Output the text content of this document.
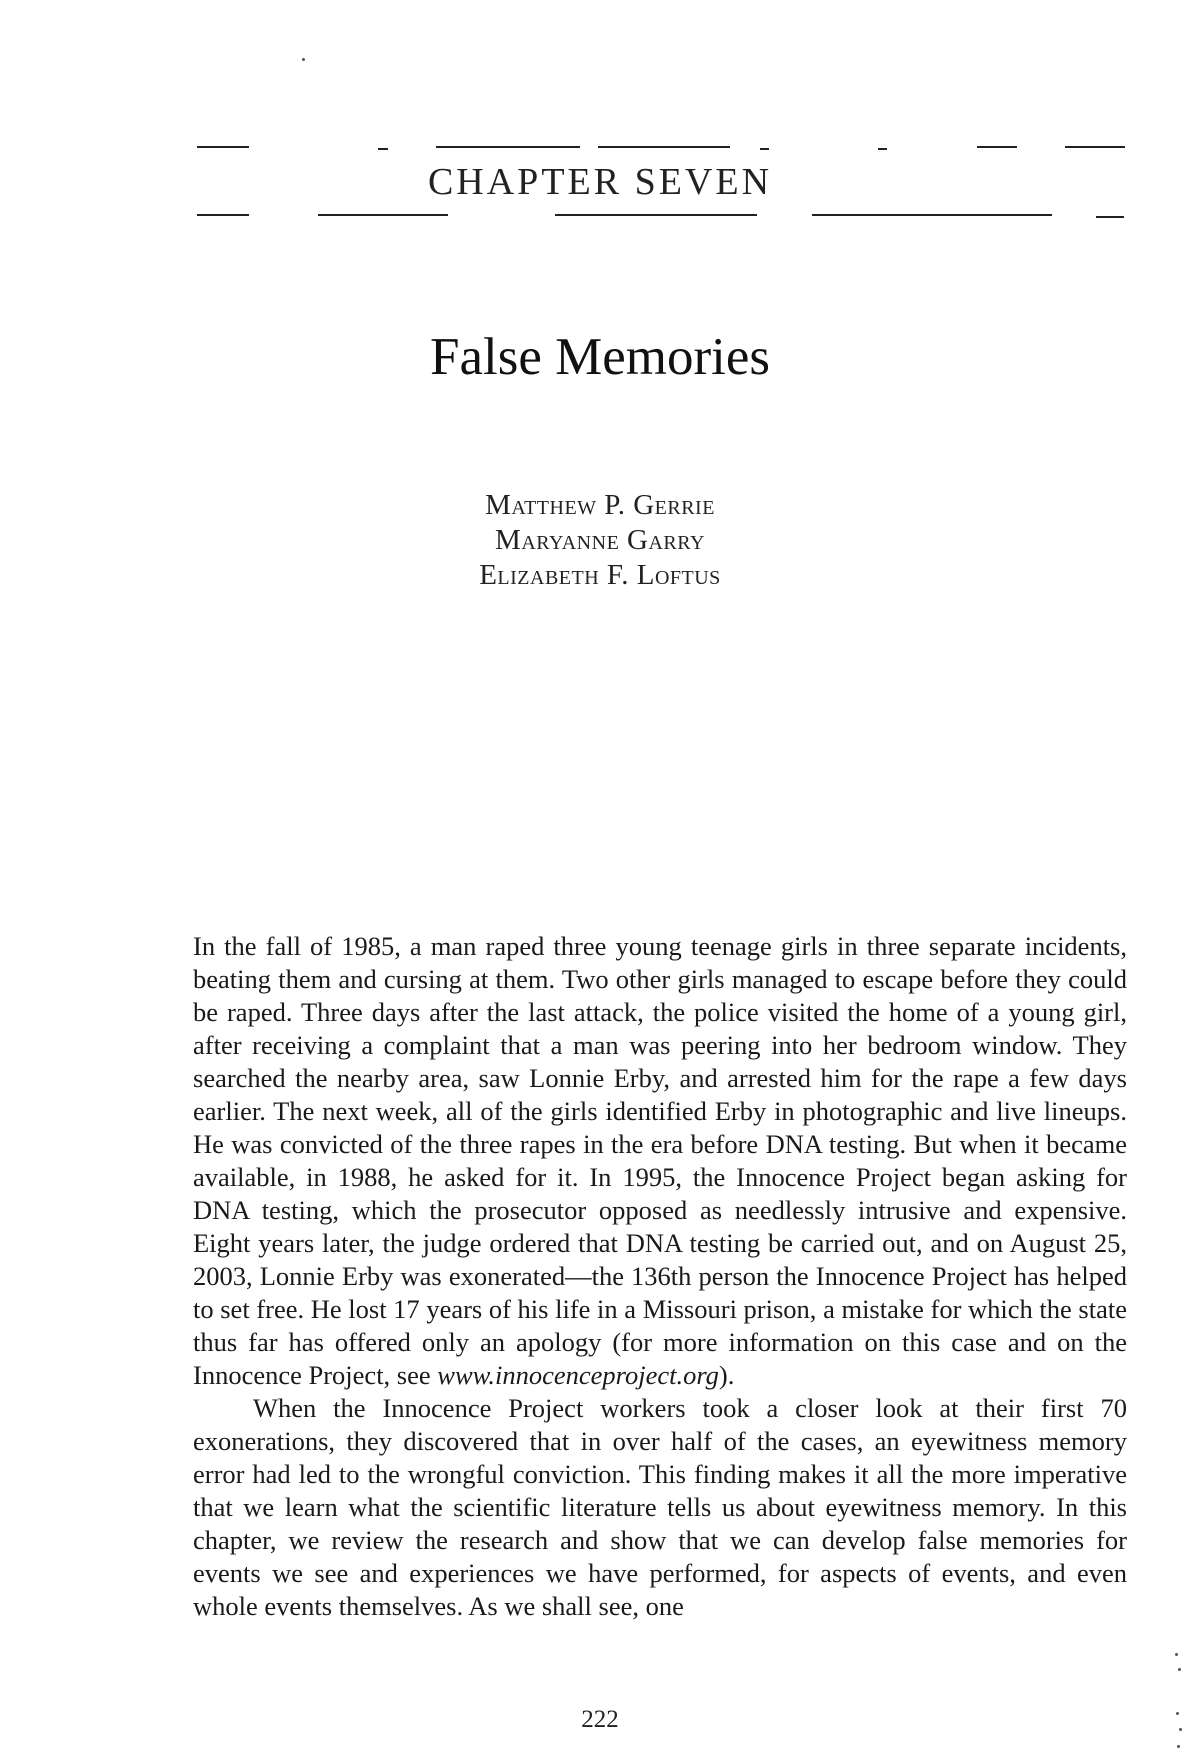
CHAPTER SEVEN
False Memories
Matthew P. Gerrie
Maryanne Garry
Elizabeth F. Loftus

In the fall of 1985, a man raped three young teenage girls in three separate incidents, beating them and cursing at them. Two other girls managed to escape before they could be raped. Three days after the last attack, the police visited the home of a young girl, after receiving a complaint that a man was peering into her bedroom window. They searched the nearby area, saw Lonnie Erby, and arrested him for the rape a few days earlier. The next week, all of the girls identified Erby in photographic and live lineups. He was convicted of the three rapes in the era before DNA testing. But when it became available, in 1988, he asked for it. In 1995, the Innocence Project began asking for DNA testing, which the prosecutor opposed as needlessly intrusive and expensive. Eight years later, the judge ordered that DNA testing be carried out, and on August 25, 2003, Lonnie Erby was exonerated—the 136th person the Innocence Project has helped to set free. He lost 17 years of his life in a Missouri prison, a mistake for which the state thus far has offered only an apology (for more information on this case and on the Innocence Project, see www.innocenceproject.org).

When the Innocence Project workers took a closer look at their first 70 exonerations, they discovered that in over half of the cases, an eyewitness memory error had led to the wrongful conviction. This finding makes it all the more imperative that we learn what the scientific literature tells us about eyewitness memory. In this chapter, we review the research and show that we can develop false memories for events we see and experiences we have performed, for aspects of events, and even whole events themselves. As we shall see, one

222
